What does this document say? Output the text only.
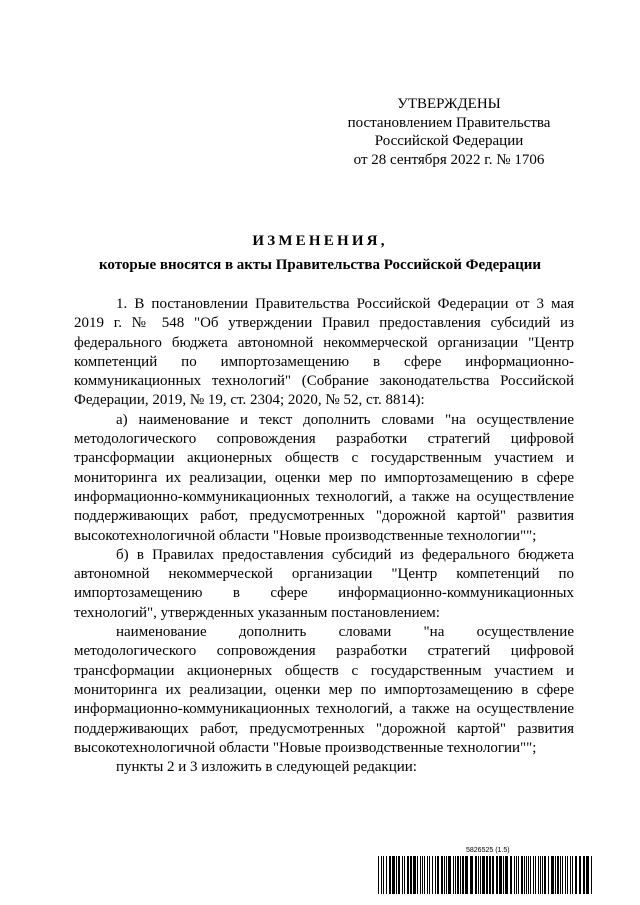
УТВЕРЖДЕНЫ
постановлением Правительства
Российской Федерации
от 28 сентября 2022 г. № 1706
ИЗМЕНЕНИЯ,
которые вносятся в акты Правительства Российской Федерации

1. В постановлении Правительства Российской Федерации от 3 мая 2019 г. № 548 "Об утверждении Правил предоставления субсидий из федерального бюджета автономной некоммерческой организации "Центр компетенций по импортозамещению в сфере информационно-коммуникационных технологий" (Собрание законодательства Российской Федерации, 2019, № 19, ст. 2304; 2020, № 52, ст. 8814):

а) наименование и текст дополнить словами "на осуществление методологического сопровождения разработки стратегий цифровой трансформации акционерных обществ с государственным участием и мониторинга их реализации, оценки мер по импортозамещению в сфере информационно-коммуникационных технологий, а также на осуществление поддерживающих работ, предусмотренных "дорожной картой" развития высокотехнологичной области "Новые производственные технологии"";

б) в Правилах предоставления субсидий из федерального бюджета автономной некоммерческой организации "Центр компетенций по импортозамещению в сфере информационно-коммуникационных технологий", утвержденных указанным постановлением:

наименование дополнить словами "на осуществление методологического сопровождения разработки стратегий цифровой трансформации акционерных обществ с государственным участием и мониторинга их реализации, оценки мер по импортозамещению в сфере информационно-коммуникационных технологий, а также на осуществление поддерживающих работ, предусмотренных "дорожной картой" развития высокотехнологичной области "Новые производственные технологии"";

пункты 2 и 3 изложить в следующей редакции:

5826525 (1.5)
